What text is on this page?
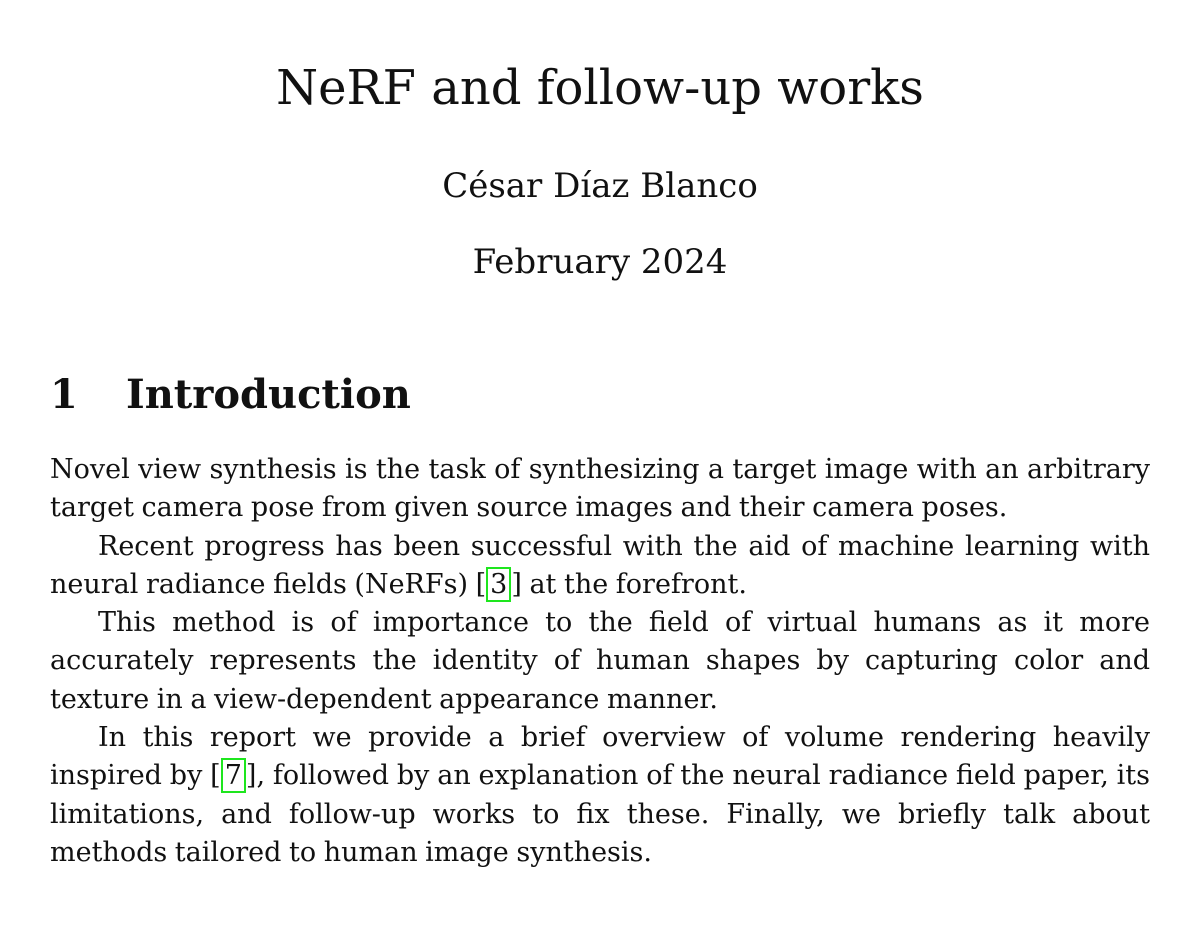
NeRF and follow-up works
César Díaz Blanco
February 2024
1 Introduction

Novel view synthesis is the task of synthesizing a target image with an arbitrary target camera pose from given source images and their camera poses.

Recent progress has been successful with the aid of machine learning with neural radiance fields (NeRFs) [ 3 ] at the forefront.

This method is of importance to the field of virtual humans as it more accurately represents the identity of human shapes by capturing color and texture in a view-dependent appearance manner.

In this report we provide a brief overview of volume rendering heavily inspired by [ 7 ], followed by an explanation of the neural radiance field paper, its limitations, and follow-up works to fix these. Finally, we briefly talk about methods tailored to human image synthesis.
